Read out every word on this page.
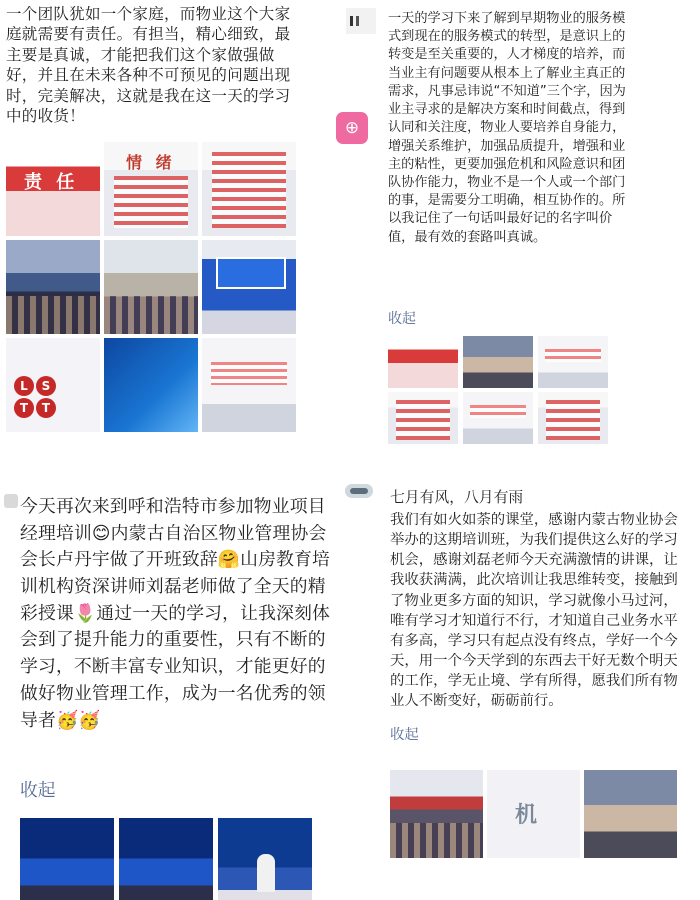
一个团队犹如一个家庭，而物业这个大家庭就需要有责任。有担当，精心细致，最主要是真诚，才能把我们这个家做强做好，并且在未来各种不可预见的问题出现时，完美解决，这就是我在这一天的学习中的收货！
责 任
情 绪
L	S
T	T
⊕
一天的学习下来了解到早期物业的服务模式到现在的服务模式的转型，是意识上的转变是至关重要的，人才梯度的培养，而当业主有问题要从根本上了解业主真正的需求，凡事忌讳说“不知道”三个字，因为业主寻求的是解决方案和时间截点，得到认同和关注度，物业人要培养自身能力，增强关系维护，加强品质提升，增强和业主的粘性，更要加强危机和风险意识和团队协作能力，物业不是一个人或一个部门的事，是需要分工明确，相互协作的。所以我记住了一句话叫最好记的名字叫价值，最有效的套路叫真诚。
收起
今天再次来到呼和浩特市参加物业项目经理培训😊内蒙古自治区物业管理协会会长卢丹宇做了开班致辞🤗山房教育培训机构资深讲师刘磊老师做了全天的精彩授课🌷通过一天的学习，让我深刻体会到了提升能力的重要性，只有不断的学习，不断丰富专业知识，才能更好的做好物业管理工作，成为一名优秀的领导者🥳🥳
收起
七月有风，八月有雨
我们有如火如荼的课堂，感谢内蒙古物业协会举办的这期培训班，为我们提供这么好的学习机会，感谢刘磊老师今天充满激情的讲课，让我收获满满，此次培训让我思维转变，接触到了物业更多方面的知识，学习就像小马过河，唯有学习才知道行不行，才知道自己业务水平有多高，学习只有起点没有终点，学好一个今天，用一个今天学到的东西去干好无数个明天的工作，学无止境、学有所得，愿我们所有物业人不断变好，砺砺前行。
收起
机
